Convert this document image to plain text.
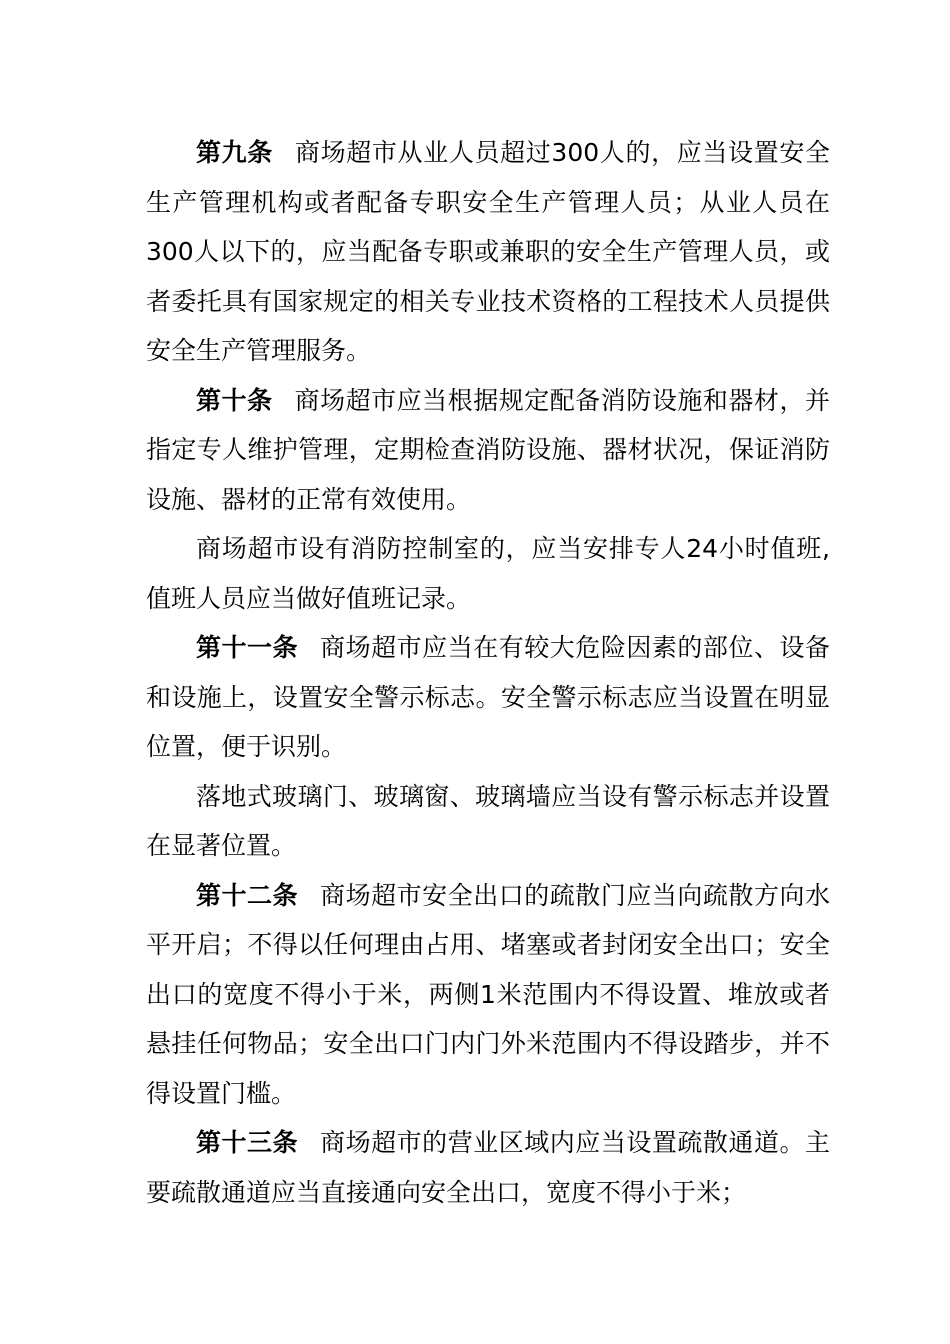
第九条 商场超市从业人员超过300人的，应当设置安全生产管理机构或者配备专职安全生产管理人员；从业人员在300人以下的，应当配备专职或兼职的安全生产管理人员，或者委托具有国家规定的相关专业技术资格的工程技术人员提供安全生产管理服务。

第十条 商场超市应当根据规定配备消防设施和器材，并指定专人维护管理，定期检查消防设施、器材状况，保证消防设施、器材的正常有效使用。

商场超市设有消防控制室的，应当安排专人24小时值班,值班人员应当做好值班记录。

第十一条 商场超市应当在有较大危险因素的部位、设备和设施上，设置安全警示标志。安全警示标志应当设置在明显位置，便于识别。

落地式玻璃门、玻璃窗、玻璃墙应当设有警示标志并设置在显著位置。

第十二条 商场超市安全出口的疏散门应当向疏散方向水平开启；不得以任何理由占用、堵塞或者封闭安全出口；安全出口的宽度不得小于米，两侧1米范围内不得设置、堆放或者悬挂任何物品；安全出口门内门外米范围内不得设踏步，并不得设置门槛。

第十三条 商场超市的营业区域内应当设置疏散通道。主要疏散通道应当直接通向安全出口，宽度不得小于米；
